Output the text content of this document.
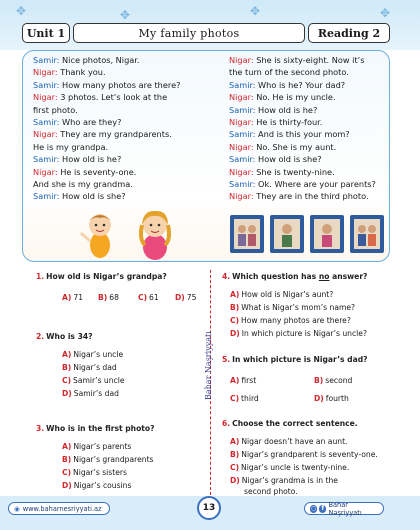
✥	✥	✥	✥
Unit 1	My family photos	Reading 2
Samir: Nice photos, Nigar.
Nigar: Thank you.
Samir: How many photos are there?
Nigar: 3 photos. Let’s look at the
first photo.
Samir: Who are they?
Nigar: They are my grandparents.
He is my grandpa.
Samir: How old is he?
Nigar: He is seventy-one.
And she is my grandma.
Samir: How old is she?
Nigar: She is sixty-eight. Now it’s
the turn of the second photo.
Samir: Who is he? Your dad?
Nigar: No. He is my uncle.
Samir: How old is he?
Nigar: He is thirty-four.
Samir: And is this your mom?
Nigar: No. She is my aunt.
Samir: How old is she?
Nigar: She is twenty-nine.
Samir: Ok. Where are your parents?
Nigar: They are in the third photo.
Bahar Naşriyyatı
1. How old is Nigar’s grandpa?
A) 71 B) 68	C) 61 D) 75
2. Who is 34?
A) Nigar’s uncle
B) Nigar’s dad
C) Samir’s uncle
D) Samir’s dad
3. Who is in the first photo?
A) Nigar’s parents
B) Nigar’s grandparents
C) Nigar’s sisters
D) Nigar’s cousins
4. Which question has no answer?
A) How old is Nigar’s aunt?
B) What is Nigar’s mom’s name?
C) How many photos are there?
D) In which picture is Nigar’s uncle?
5. In which picture is Nigar’s dad?
A) first	B) second
C) third	D) fourth
6. Choose the correct sentence.
A) Nigar doesn’t have an aunt.
B) Nigar’s grandparent is seventy-one.
C) Nigar’s uncle is twenty-nine.
D) Nigar’s grandma is in the
second photo.
◉ www.baharnesriyyati.az	13	○ f Bahar Nəşriyyatı
